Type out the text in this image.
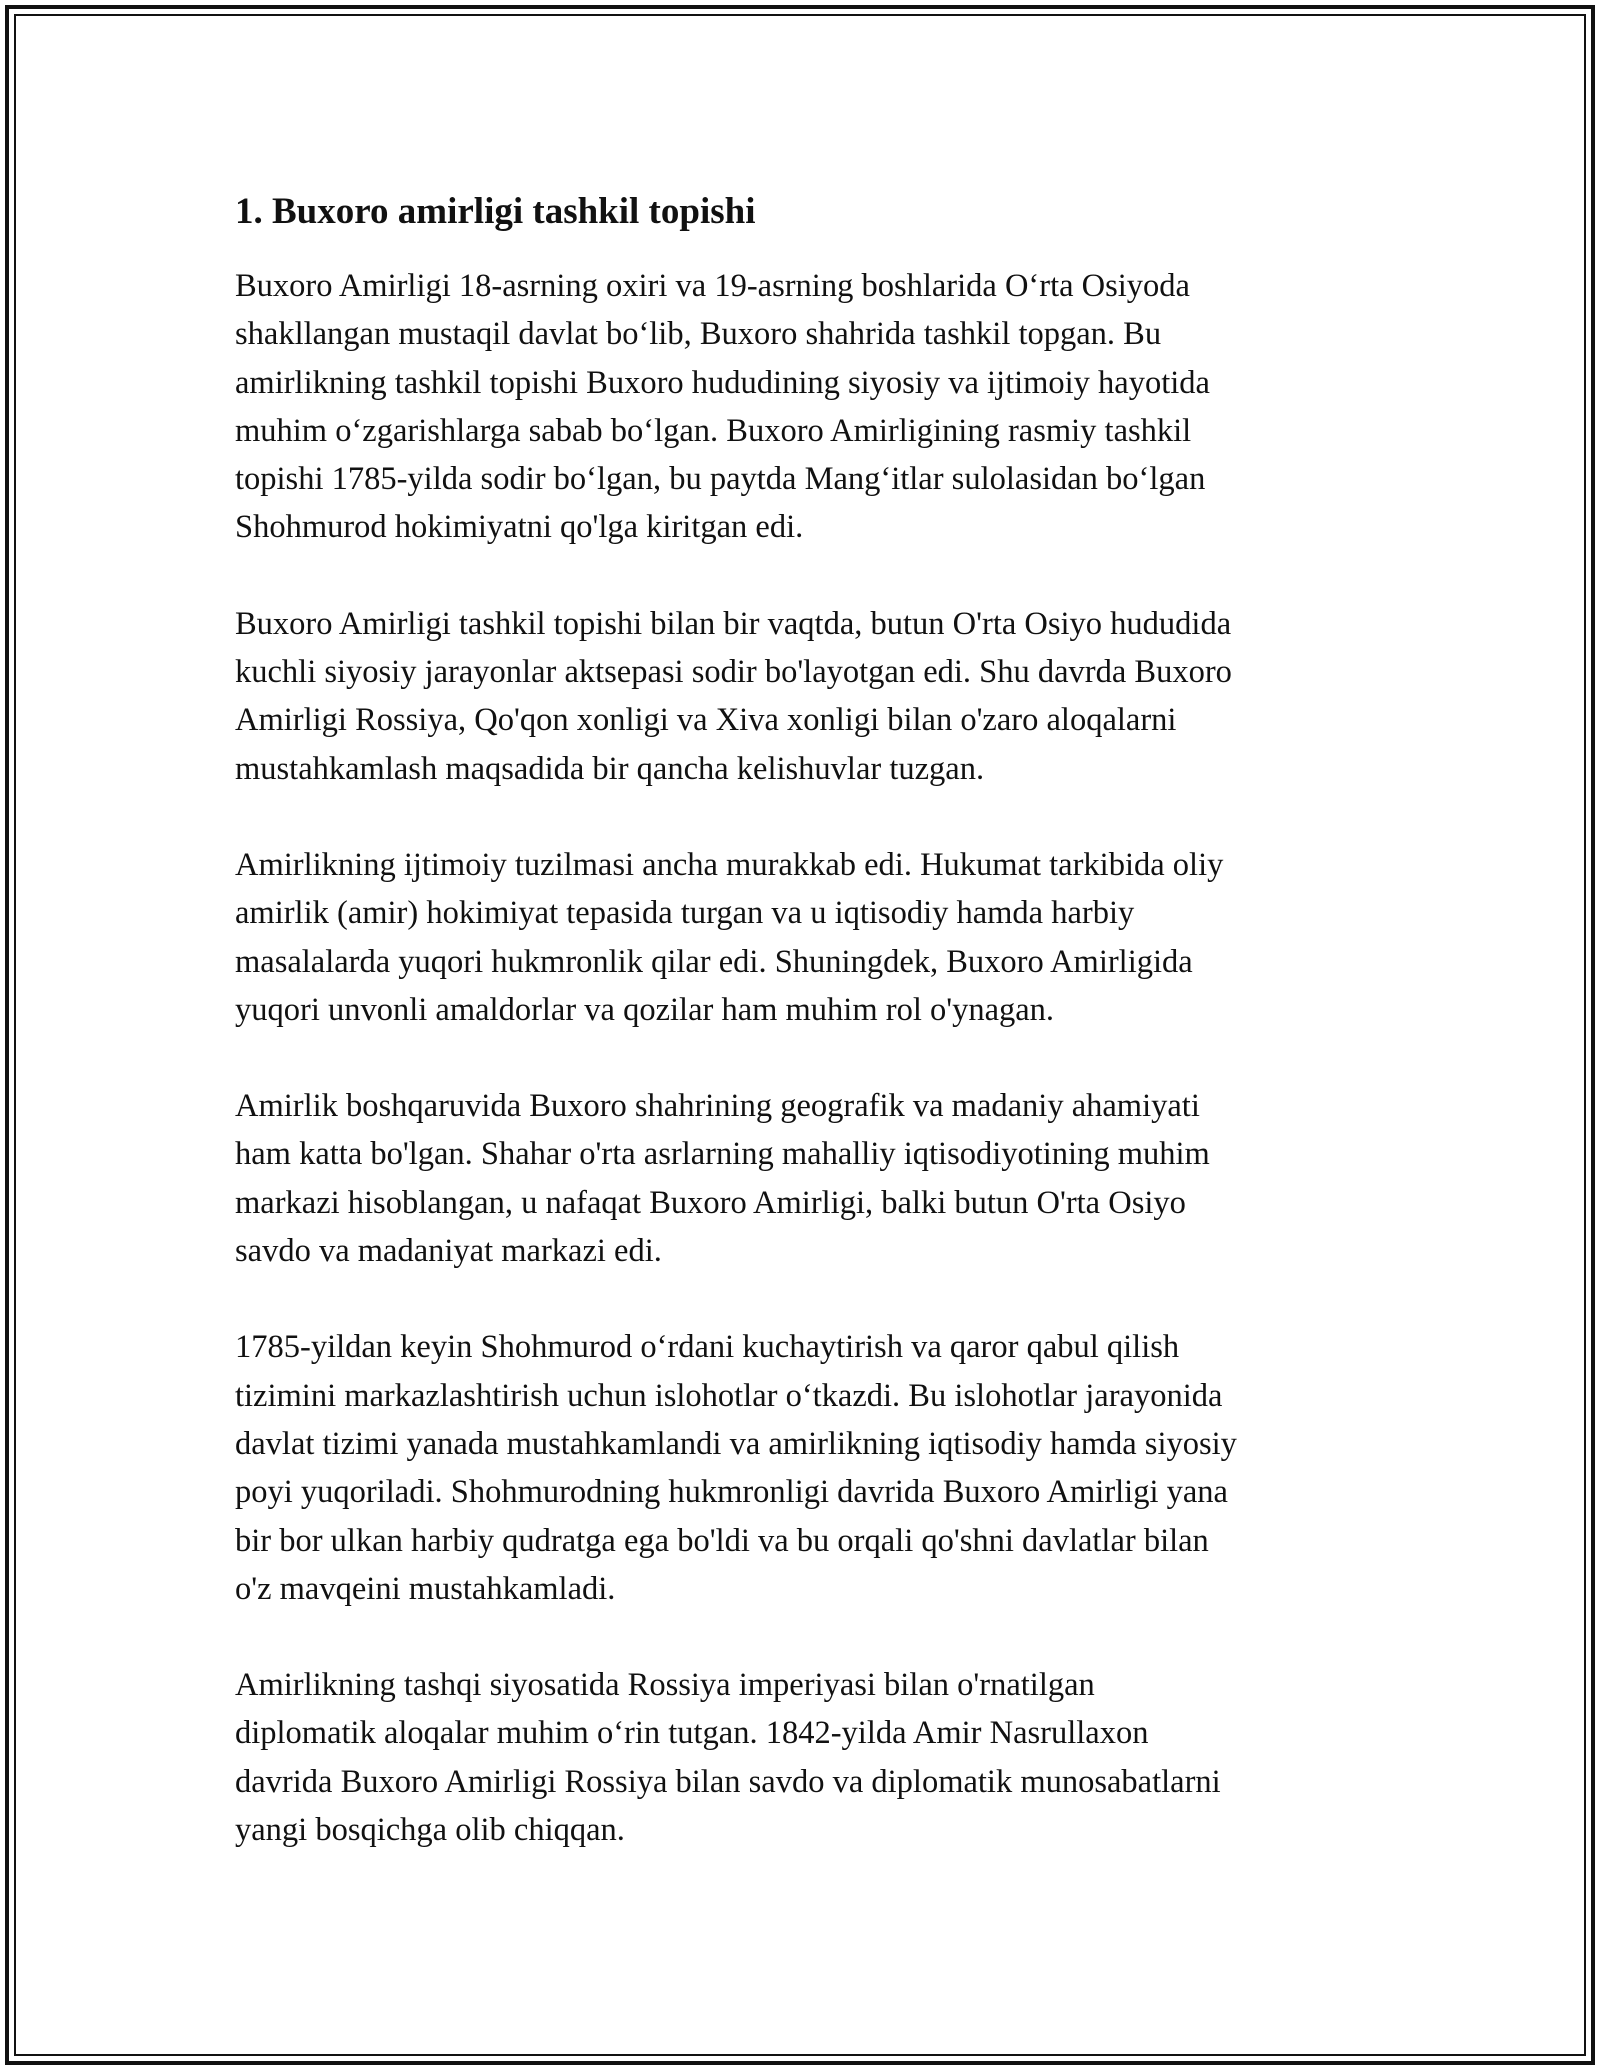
1. Buxoro amirligi tashkil topishi

Buxoro Amirligi 18-asrning oxiri va 19-asrning boshlarida O‘rta Osiyoda
shakllangan mustaqil davlat bo‘lib, Buxoro shahrida tashkil topgan. Bu
amirlikning tashkil topishi Buxoro hududining siyosiy va ijtimoiy hayotida
muhim o‘zgarishlarga sabab bo‘lgan. Buxoro Amirligining rasmiy tashkil
topishi 1785-yilda sodir bo‘lgan, bu paytda Mang‘itlar sulolasidan bo‘lgan
Shohmurod hokimiyatni qo'lga kiritgan edi.

Buxoro Amirligi tashkil topishi bilan bir vaqtda, butun O'rta Osiyo hududida
kuchli siyosiy jarayonlar aktsepasi sodir bo'layotgan edi. Shu davrda Buxoro
Amirligi Rossiya, Qo'qon xonligi va Xiva xonligi bilan o'zaro aloqalarni
mustahkamlash maqsadida bir qancha kelishuvlar tuzgan.

Amirlikning ijtimoiy tuzilmasi ancha murakkab edi. Hukumat tarkibida oliy
amirlik (amir) hokimiyat tepasida turgan va u iqtisodiy hamda harbiy
masalalarda yuqori hukmronlik qilar edi. Shuningdek, Buxoro Amirligida
yuqori unvonli amaldorlar va qozilar ham muhim rol o'ynagan.

Amirlik boshqaruvida Buxoro shahrining geografik va madaniy ahamiyati
ham katta bo'lgan. Shahar o'rta asrlarning mahalliy iqtisodiyotining muhim
markazi hisoblangan, u nafaqat Buxoro Amirligi, balki butun O'rta Osiyo
savdo va madaniyat markazi edi.

1785-yildan keyin Shohmurod o‘rdani kuchaytirish va qaror qabul qilish
tizimini markazlashtirish uchun islohotlar o‘tkazdi. Bu islohotlar jarayonida
davlat tizimi yanada mustahkamlandi va amirlikning iqtisodiy hamda siyosiy
poyi yuqoriladi. Shohmurodning hukmronligi davrida Buxoro Amirligi yana
bir bor ulkan harbiy qudratga ega bo'ldi va bu orqali qo'shni davlatlar bilan
o'z mavqeini mustahkamladi.

Amirlikning tashqi siyosatida Rossiya imperiyasi bilan o'rnatilgan
diplomatik aloqalar muhim o‘rin tutgan. 1842-yilda Amir Nasrullaxon
davrida Buxoro Amirligi Rossiya bilan savdo va diplomatik munosabatlarni
yangi bosqichga olib chiqqan.
